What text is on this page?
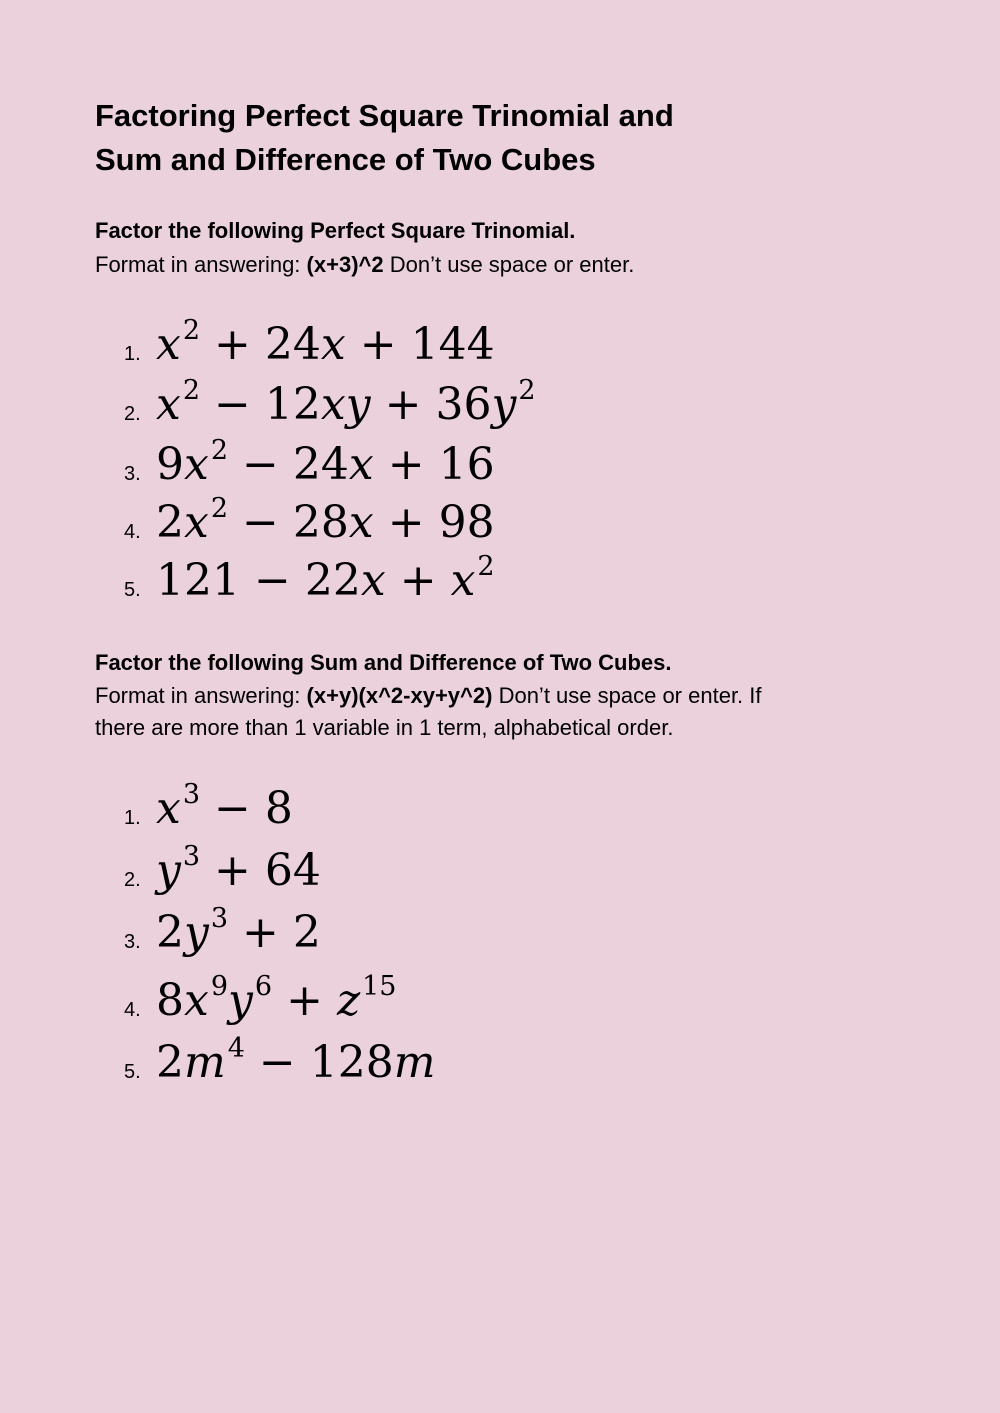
Factoring Perfect Square Trinomial and
Sum and Difference of Two Cubes

Factor the following Perfect Square Trinomial.

Format in answering: (x+3)^2 Don’t use space or enter.

1. $x^2 + 24x + 144$
2. $x^2 - 12xy + 36y^2$
3. $9x^2 - 24x + 16$
4. $2x^2 - 28x + 98$
5. $121 - 22x + x^2$

Factor the following Sum and Difference of Two Cubes.

Format in answering: (x+y)(x^2-xy+y^2) Don’t use space or enter. If
there are more than 1 variable in 1 term, alphabetical order.

1. $x^3 - 8$
2. $y^3 + 64$
3. $2y^3 + 2$
4. $8x^9y^6 + z^{15}$
5. $2m^4 - 128m$
